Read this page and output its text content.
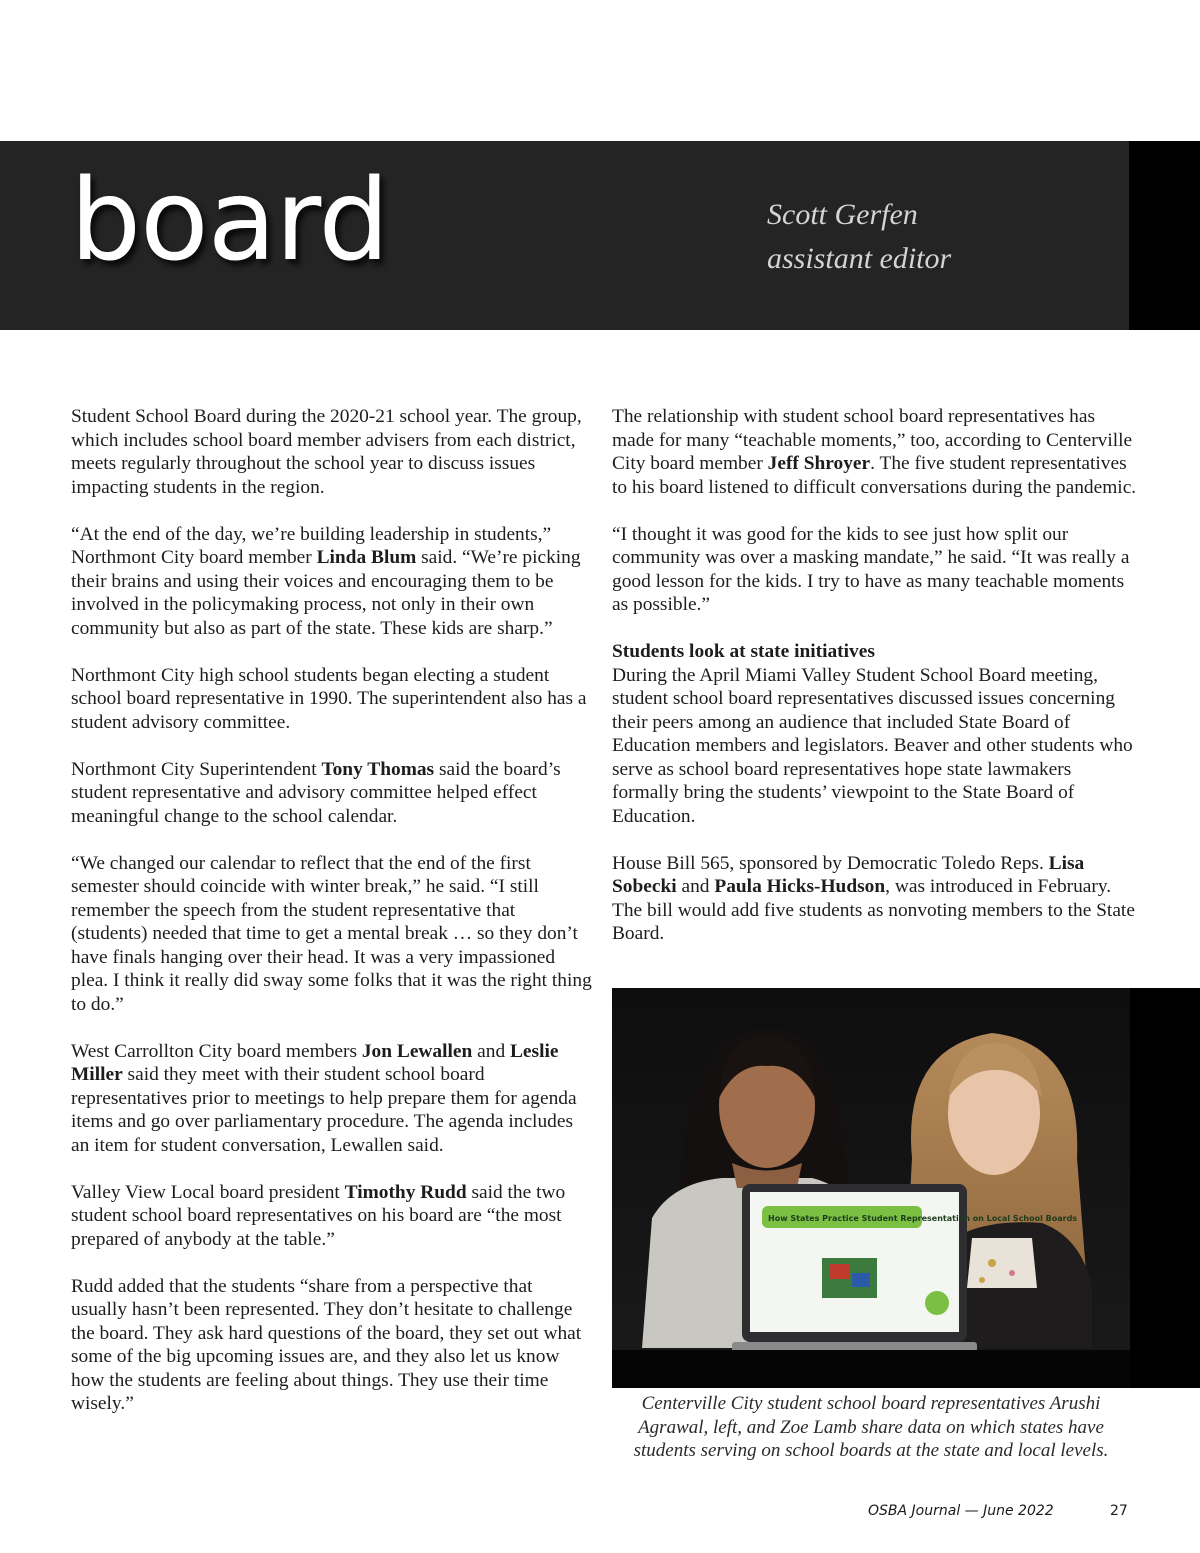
board	Scott Gerfen
assistant editor

Student School Board during the 2020-21 school year. The group, which includes school board member advisers from each district, meets regularly throughout the school year to discuss issues impacting students in the region.

“At the end of the day, we’re building leadership in students,” Northmont City board member Linda Blum said. “We’re picking their brains and using their voices and encouraging them to be involved in the policymaking process, not only in their own community but also as part of the state. These kids are sharp.”

Northmont City high school students began electing a student school board representative in 1990. The superintendent also has a student advisory committee.

Northmont City Superintendent Tony Thomas said the board’s student representative and advisory committee helped effect meaningful change to the school calendar.

“We changed our calendar to reflect that the end of the first semester should coincide with winter break,” he said. “I still remember the speech from the student representative that (students) needed that time to get a mental break … so they don’t have finals hanging over their head. It was a very impassioned plea. I think it really did sway some folks that it was the right thing to do.”

West Carrollton City board members Jon Lewallen and Leslie Miller said they meet with their student school board representatives prior to meetings to help prepare them for agenda items and go over parliamentary procedure. The agenda includes an item for student conversation, Lewallen said.

Valley View Local board president Timothy Rudd said the two student school board representatives on his board are “the most prepared of anybody at the table.”

Rudd added that the students “share from a perspective that usually hasn’t been represented. They don’t hesitate to challenge the board. They ask hard questions of the board, they set out what some of the big upcoming issues are, and they also let us know how the students are feeling about things. They use their time wisely.”

The relationship with student school board representatives has made for many “teachable moments,” too, according to Centerville City board member Jeff Shroyer. The five student representatives to his board listened to difficult conversations during the pandemic.

“I thought it was good for the kids to see just how split our community was over a masking mandate,” he said. “It was really a good lesson for the kids. I try to have as many teachable moments as possible.”

Students look at state initiatives
During the April Miami Valley Student School Board meeting, student school board representatives discussed issues concerning their peers among an audience that included State Board of Education members and legislators. Beaver and other students who serve as school board representatives hope state lawmakers formally bring the students’ viewpoint to the State Board of Education.

House Bill 565, sponsored by Democratic Toledo Reps. Lisa Sobecki and Paula Hicks-Hudson, was introduced in February. The bill would add five students as nonvoting members to the State Board.

How States Practice Student Representation on Local School Boards
Centerville City student school board representatives Arushi Agrawal, left, and Zoe Lamb share data on which states have students serving on school boards at the state and local levels.
OSBA Journal — June 2022	27
